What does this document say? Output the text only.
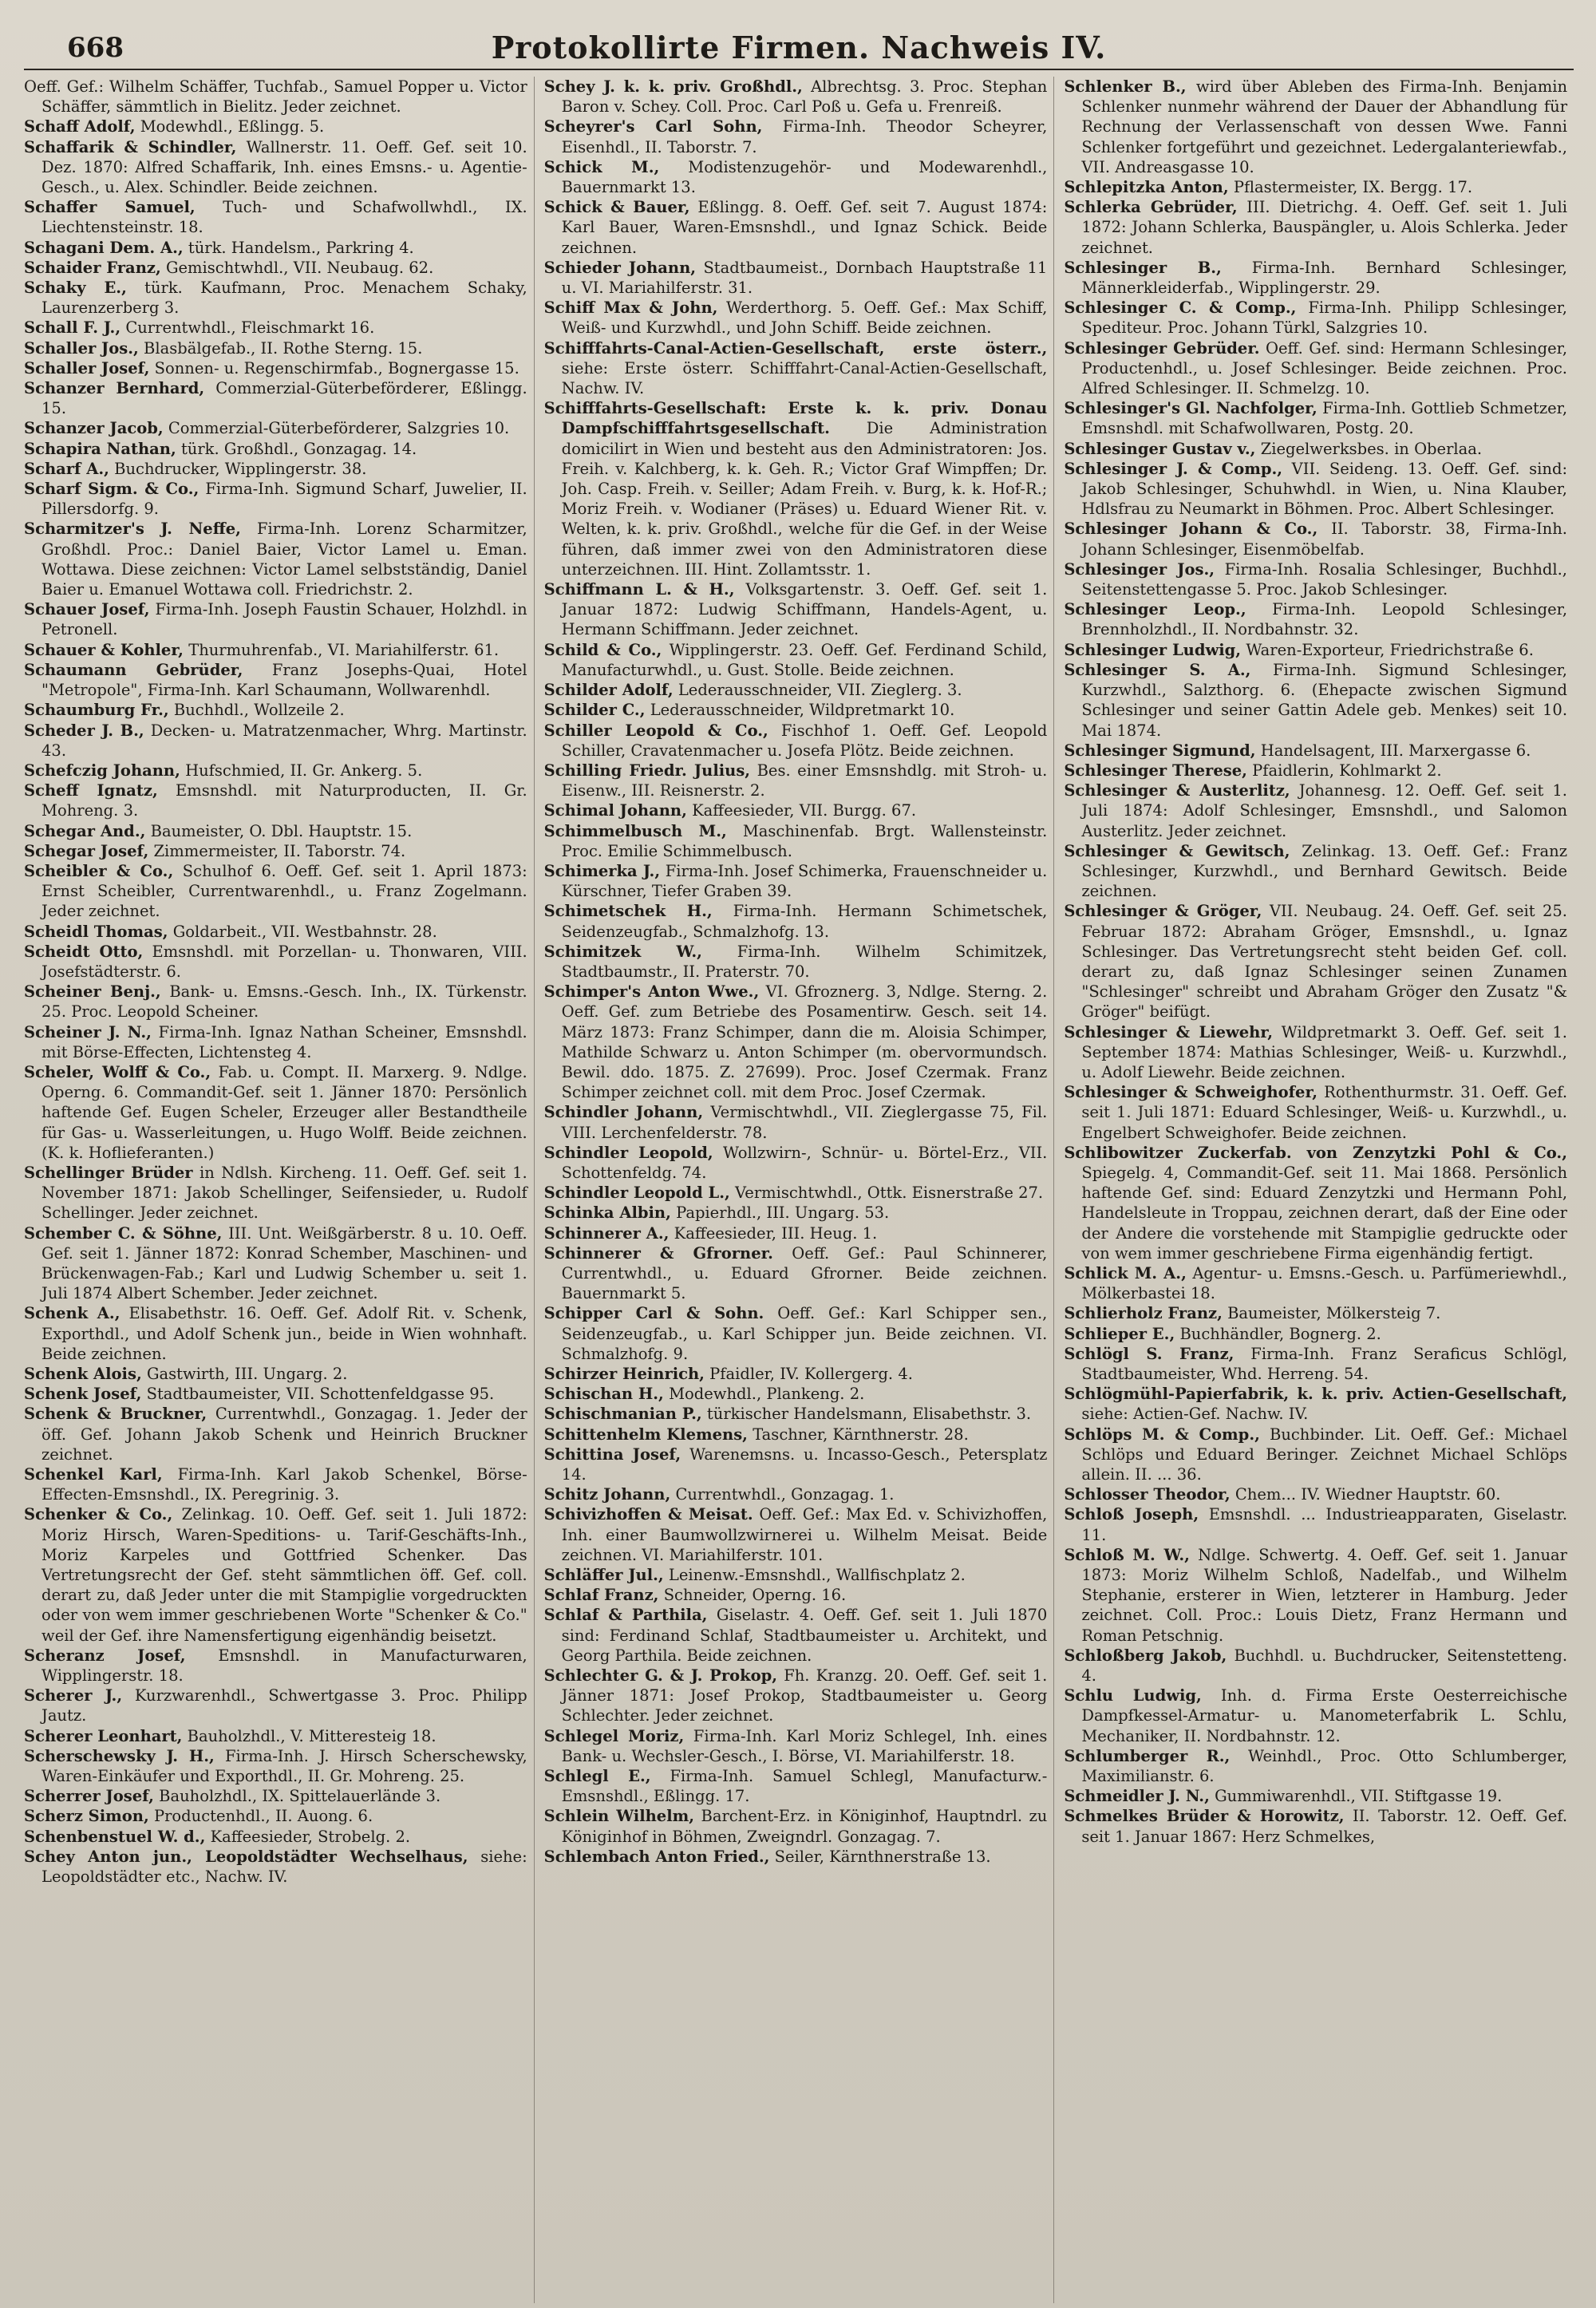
668	Protokollirte Firmen. Nachweis IV.
Oeff. Gef.: Wilhelm Schäffer, Tuchfab., Samuel Popper u. Victor Schäffer, sämmtlich in Bielitz. Jeder zeichnet.
Schaff Adolf, Modewhdl., Eßlingg. 5.
Schaffarik & Schindler, Wallnerstr. 11. Oeff. Gef. seit 10. Dez. 1870: Alfred Schaffarik, Inh. eines Emsns.- u. Agentie-Gesch., u. Alex. Schindler. Beide zeichnen.
Schaffer Samuel, Tuch- und Schafwollwhdl., IX. Liechtensteinstr. 18.
Schagani Dem. A., türk. Handelsm., Parkring 4.
Schaider Franz, Gemischtwhdl., VII. Neubaug. 62.
Schaky E., türk. Kaufmann, Proc. Menachem Schaky, Laurenzerberg 3.
Schall F. J., Currentwhdl., Fleischmarkt 16.
Schaller Jos., Blasbälgefab., II. Rothe Sterng. 15.
Schaller Josef, Sonnen- u. Regenschirmfab., Bognergasse 15.
Schanzer Bernhard, Commerzial-Güterbeförderer, Eßlingg. 15.
Schanzer Jacob, Commerzial-Güterbeförderer, Salzgries 10.
Schapira Nathan, türk. Großhdl., Gonzagag. 14.
Scharf A., Buchdrucker, Wipplingerstr. 38.
Scharf Sigm. & Co., Firma-Inh. Sigmund Scharf, Juwelier, II. Pillersdorfg. 9.
Scharmitzer's J. Neffe, Firma-Inh. Lorenz Scharmitzer, Großhdl. Proc.: Daniel Baier, Victor Lamel u. Eman. Wottawa. Diese zeichnen: Victor Lamel selbstständig, Daniel Baier u. Emanuel Wottawa coll. Friedrichstr. 2.
Schauer Josef, Firma-Inh. Joseph Faustin Schauer, Holzhdl. in Petronell.
Schauer & Kohler, Thurmuhrenfab., VI. Mariahilferstr. 61.
Schaumann Gebrüder, Franz Josephs-Quai, Hotel "Metropole", Firma-Inh. Karl Schaumann, Wollwarenhdl.
Schaumburg Fr., Buchhdl., Wollzeile 2.
Scheder J. B., Decken- u. Matratzenmacher, Whrg. Martinstr. 43.
Schefczig Johann, Hufschmied, II. Gr. Ankerg. 5.
Scheff Ignatz, Emsnshdl. mit Naturproducten, II. Gr. Mohreng. 3.
Schegar And., Baumeister, O. Dbl. Hauptstr. 15.
Schegar Josef, Zimmermeister, II. Taborstr. 74.
Scheibler & Co., Schulhof 6. Oeff. Gef. seit 1. April 1873: Ernst Scheibler, Currentwarenhdl., u. Franz Zogelmann. Jeder zeichnet.
Scheidl Thomas, Goldarbeit., VII. Westbahnstr. 28.
Scheidt Otto, Emsnshdl. mit Porzellan- u. Thonwaren, VIII. Josefstädterstr. 6.
Scheiner Benj., Bank- u. Emsns.-Gesch. Inh., IX. Türkenstr. 25. Proc. Leopold Scheiner.
Scheiner J. N., Firma-Inh. Ignaz Nathan Scheiner, Emsnshdl. mit Börse-Effecten, Lichtensteg 4.
Scheler, Wolff & Co., Fab. u. Compt. II. Marxerg. 9. Ndlge. Operng. 6. Commandit-Gef. seit 1. Jänner 1870: Persönlich haftende Gef. Eugen Scheler, Erzeuger aller Bestandtheile für Gas- u. Wasserleitungen, u. Hugo Wolff. Beide zeichnen. (K. k. Hoflieferanten.)
Schellinger Brüder in Ndlsh. Kircheng. 11. Oeff. Gef. seit 1. November 1871: Jakob Schellinger, Seifensieder, u. Rudolf Schellinger. Jeder zeichnet.
Schember C. & Söhne, III. Unt. Weißgärberstr. 8 u. 10. Oeff. Gef. seit 1. Jänner 1872: Konrad Schember, Maschinen- und Brückenwagen-Fab.; Karl und Ludwig Schember u. seit 1. Juli 1874 Albert Schember. Jeder zeichnet.
Schenk A., Elisabethstr. 16. Oeff. Gef. Adolf Rit. v. Schenk, Exporthdl., und Adolf Schenk jun., beide in Wien wohnhaft. Beide zeichnen.
Schenk Alois, Gastwirth, III. Ungarg. 2.
Schenk Josef, Stadtbaumeister, VII. Schottenfeldgasse 95.
Schenk & Bruckner, Currentwhdl., Gonzagag. 1. Jeder der öff. Gef. Johann Jakob Schenk und Heinrich Bruckner zeichnet.
Schenkel Karl, Firma-Inh. Karl Jakob Schenkel, Börse-Effecten-Emsnshdl., IX. Peregrinig. 3.
Schenker & Co., Zelinkag. 10. Oeff. Gef. seit 1. Juli 1872: Moriz Hirsch, Waren-Speditions- u. Tarif-Geschäfts-Inh., Moriz Karpeles und Gottfried Schenker. Das Vertretungsrecht der Gef. steht sämmtlichen öff. Gef. coll. derart zu, daß Jeder unter die mit Stampiglie vorgedruckten oder von wem immer geschriebenen Worte "Schenker & Co." weil der Gef. ihre Namensfertigung eigenhändig beisetzt.
Scheranz Josef, Emsnshdl. in Manufacturwaren, Wipplingerstr. 18.
Scherer J., Kurzwarenhdl., Schwertgasse 3. Proc. Philipp Jautz.
Scherer Leonhart, Bauholzhdl., V. Mitteresteig 18.
Scherschewsky J. H., Firma-Inh. J. Hirsch Scherschewsky, Waren-Einkäufer und Exporthdl., II. Gr. Mohreng. 25.
Scherrer Josef, Bauholzhdl., IX. Spittelauerlände 3.
Scherz Simon, Productenhdl., II. Auong. 6.
Schenbenstuel W. d., Kaffeesieder, Strobelg. 2.
Schey Anton jun., Leopoldstädter Wechselhaus, siehe: Leopoldstädter etc., Nachw. IV.
Schey J. k. k. priv. Großhdl., Albrechtsg. 3. Proc. Stephan Baron v. Schey. Coll. Proc. Carl Poß u. Gefa u. Frenreiß.
Scheyrer's Carl Sohn, Firma-Inh. Theodor Scheyrer, Eisenhdl., II. Taborstr. 7.
Schick M., Modistenzugehör- und Modewarenhdl., Bauernmarkt 13.
Schick & Bauer, Eßlingg. 8. Oeff. Gef. seit 7. August 1874: Karl Bauer, Waren-Emsnshdl., und Ignaz Schick. Beide zeichnen.
Schieder Johann, Stadtbaumeist., Dornbach Hauptstraße 11 u. VI. Mariahilferstr. 31.
Schiff Max & John, Werderthorg. 5. Oeff. Gef.: Max Schiff, Weiß- und Kurzwhdl., und John Schiff. Beide zeichnen.
Schifffahrts-Canal-Actien-Gesellschaft, erste österr., siehe: Erste österr. Schifffahrt-Canal-Actien-Gesellschaft, Nachw. IV.
Schifffahrts-Gesellschaft: Erste k. k. priv. Donau Dampfschifffahrtsgesellschaft. Die Administration domicilirt in Wien und besteht aus den Administratoren: Jos. Freih. v. Kalchberg, k. k. Geh. R.; Victor Graf Wimpffen; Dr. Joh. Casp. Freih. v. Seiller; Adam Freih. v. Burg, k. k. Hof-R.; Moriz Freih. v. Wodianer (Präses) u. Eduard Wiener Rit. v. Welten, k. k. priv. Großhdl., welche für die Gef. in der Weise führen, daß immer zwei von den Administratoren diese unterzeichnen. III. Hint. Zollamtsstr. 1.
Schiffmann L. & H., Volksgartenstr. 3. Oeff. Gef. seit 1. Januar 1872: Ludwig Schiffmann, Handels-Agent, u. Hermann Schiffmann. Jeder zeichnet.
Schild & Co., Wipplingerstr. 23. Oeff. Gef. Ferdinand Schild, Manufacturwhdl., u. Gust. Stolle. Beide zeichnen.
Schilder Adolf, Lederausschneider, VII. Zieglerg. 3.
Schilder C., Lederausschneider, Wildpretmarkt 10.
Schiller Leopold & Co., Fischhof 1. Oeff. Gef. Leopold Schiller, Cravatenmacher u. Josefa Plötz. Beide zeichnen.
Schilling Friedr. Julius, Bes. einer Emsnshdlg. mit Stroh- u. Eisenw., III. Reisnerstr. 2.
Schimal Johann, Kaffeesieder, VII. Burgg. 67.
Schimmelbusch M., Maschinenfab. Brgt. Wallensteinstr. Proc. Emilie Schimmelbusch.
Schimerka J., Firma-Inh. Josef Schimerka, Frauenschneider u. Kürschner, Tiefer Graben 39.
Schimetschek H., Firma-Inh. Hermann Schimetschek, Seidenzeugfab., Schmalzhofg. 13.
Schimitzek W., Firma-Inh. Wilhelm Schimitzek, Stadtbaumstr., II. Praterstr. 70.
Schimper's Anton Wwe., VI. Gfroznerg. 3, Ndlge. Sterng. 2. Oeff. Gef. zum Betriebe des Posamentirw. Gesch. seit 14. März 1873: Franz Schimper, dann die m. Aloisia Schimper, Mathilde Schwarz u. Anton Schimper (m. obervormundsch. Bewil. ddo. 1875. Z. 27699). Proc. Josef Czermak. Franz Schimper zeichnet coll. mit dem Proc. Josef Czermak.
Schindler Johann, Vermischtwhdl., VII. Zieglergasse 75, Fil. VIII. Lerchenfelderstr. 78.
Schindler Leopold, Wollzwirn-, Schnür- u. Börtel-Erz., VII. Schottenfeldg. 74.
Schindler Leopold L., Vermischtwhdl., Ottk. Eisnerstraße 27.
Schinka Albin, Papierhdl., III. Ungarg. 53.
Schinnerer A., Kaffeesieder, III. Heug. 1.
Schinnerer & Gfrorner. Oeff. Gef.: Paul Schinnerer, Currentwhdl., u. Eduard Gfrorner. Beide zeichnen. Bauernmarkt 5.
Schipper Carl & Sohn. Oeff. Gef.: Karl Schipper sen., Seidenzeugfab., u. Karl Schipper jun. Beide zeichnen. VI. Schmalzhofg. 9.
Schirzer Heinrich, Pfaidler, IV. Kollergerg. 4.
Schischan H., Modewhdl., Plankeng. 2.
Schischmanian P., türkischer Handelsmann, Elisabethstr. 3.
Schittenhelm Klemens, Taschner, Kärnthnerstr. 28.
Schittina Josef, Warenemsns. u. Incasso-Gesch., Petersplatz 14.
Schitz Johann, Currentwhdl., Gonzagag. 1.
Schivizhoffen & Meisat. Oeff. Gef.: Max Ed. v. Schivizhoffen, Inh. einer Baumwollzwirnerei u. Wilhelm Meisat. Beide zeichnen. VI. Mariahilferstr. 101.
Schläffer Jul., Leinenw.-Emsnshdl., Wallfischplatz 2.
Schlaf Franz, Schneider, Operng. 16.
Schlaf & Parthila, Giselastr. 4. Oeff. Gef. seit 1. Juli 1870 sind: Ferdinand Schlaf, Stadtbaumeister u. Architekt, und Georg Parthila. Beide zeichnen.
Schlechter G. & J. Prokop, Fh. Kranzg. 20. Oeff. Gef. seit 1. Jänner 1871: Josef Prokop, Stadtbaumeister u. Georg Schlechter. Jeder zeichnet.
Schlegel Moriz, Firma-Inh. Karl Moriz Schlegel, Inh. eines Bank- u. Wechsler-Gesch., I. Börse, VI. Mariahilferstr. 18.
Schlegl E., Firma-Inh. Samuel Schlegl, Manufacturw.-Emsnshdl., Eßlingg. 17.
Schlein Wilhelm, Barchent-Erz. in Königinhof, Hauptndrl. zu Königinhof in Böhmen, Zweigndrl. Gonzagag. 7.
Schlembach Anton Fried., Seiler, Kärnthnerstraße 13.
Schlenker B., wird über Ableben des Firma-Inh. Benjamin Schlenker nunmehr während der Dauer der Abhandlung für Rechnung der Verlassenschaft von dessen Wwe. Fanni Schlenker fortgeführt und gezeichnet. Ledergalanteriewfab., VII. Andreasgasse 10.
Schlepitzka Anton, Pflastermeister, IX. Bergg. 17.
Schlerka Gebrüder, III. Dietrichg. 4. Oeff. Gef. seit 1. Juli 1872: Johann Schlerka, Bauspängler, u. Alois Schlerka. Jeder zeichnet.
Schlesinger B., Firma-Inh. Bernhard Schlesinger, Männerkleiderfab., Wipplingerstr. 29.
Schlesinger C. & Comp., Firma-Inh. Philipp Schlesinger, Spediteur. Proc. Johann Türkl, Salzgries 10.
Schlesinger Gebrüder. Oeff. Gef. sind: Hermann Schlesinger, Productenhdl., u. Josef Schlesinger. Beide zeichnen. Proc. Alfred Schlesinger. II. Schmelzg. 10.
Schlesinger's Gl. Nachfolger, Firma-Inh. Gottlieb Schmetzer, Emsnshdl. mit Schafwollwaren, Postg. 20.
Schlesinger Gustav v., Ziegelwerksbes. in Oberlaa.
Schlesinger J. & Comp., VII. Seideng. 13. Oeff. Gef. sind: Jakob Schlesinger, Schuhwhdl. in Wien, u. Nina Klauber, Hdlsfrau zu Neumarkt in Böhmen. Proc. Albert Schlesinger.
Schlesinger Johann & Co., II. Taborstr. 38, Firma-Inh. Johann Schlesinger, Eisenmöbelfab.
Schlesinger Jos., Firma-Inh. Rosalia Schlesinger, Buchhdl., Seitenstettengasse 5. Proc. Jakob Schlesinger.
Schlesinger Leop., Firma-Inh. Leopold Schlesinger, Brennholzhdl., II. Nordbahnstr. 32.
Schlesinger Ludwig, Waren-Exporteur, Friedrichstraße 6.
Schlesinger S. A., Firma-Inh. Sigmund Schlesinger, Kurzwhdl., Salzthorg. 6. (Ehepacte zwischen Sigmund Schlesinger und seiner Gattin Adele geb. Menkes) seit 10. Mai 1874.
Schlesinger Sigmund, Handelsagent, III. Marxergasse 6.
Schlesinger Therese, Pfaidlerin, Kohlmarkt 2.
Schlesinger & Austerlitz, Johannesg. 12. Oeff. Gef. seit 1. Juli 1874: Adolf Schlesinger, Emsnshdl., und Salomon Austerlitz. Jeder zeichnet.
Schlesinger & Gewitsch, Zelinkag. 13. Oeff. Gef.: Franz Schlesinger, Kurzwhdl., und Bernhard Gewitsch. Beide zeichnen.
Schlesinger & Gröger, VII. Neubaug. 24. Oeff. Gef. seit 25. Februar 1872: Abraham Gröger, Emsnshdl., u. Ignaz Schlesinger. Das Vertretungsrecht steht beiden Gef. coll. derart zu, daß Ignaz Schlesinger seinen Zunamen "Schlesinger" schreibt und Abraham Gröger den Zusatz "& Gröger" beifügt.
Schlesinger & Liewehr, Wildpretmarkt 3. Oeff. Gef. seit 1. September 1874: Mathias Schlesinger, Weiß- u. Kurzwhdl., u. Adolf Liewehr. Beide zeichnen.
Schlesinger & Schweighofer, Rothenthurmstr. 31. Oeff. Gef. seit 1. Juli 1871: Eduard Schlesinger, Weiß- u. Kurzwhdl., u. Engelbert Schweighofer. Beide zeichnen.
Schlibowitzer Zuckerfab. von Zenzytzki Pohl & Co., Spiegelg. 4, Commandit-Gef. seit 11. Mai 1868. Persönlich haftende Gef. sind: Eduard Zenzytzki und Hermann Pohl, Handelsleute in Troppau, zeichnen derart, daß der Eine oder der Andere die vorstehende mit Stampiglie gedruckte oder von wem immer geschriebene Firma eigenhändig fertigt.
Schlick M. A., Agentur- u. Emsns.-Gesch. u. Parfümeriewhdl., Mölkerbastei 18.
Schlierholz Franz, Baumeister, Mölkersteig 7.
Schlieper E., Buchhändler, Bognerg. 2.
Schlögl S. Franz, Firma-Inh. Franz Seraficus Schlögl, Stadtbaumeister, Whd. Herreng. 54.
Schlögmühl-Papierfabrik, k. k. priv. Actien-Gesellschaft, siehe: Actien-Gef. Nachw. IV.
Schlöps M. & Comp., Buchbinder. Lit. Oeff. Gef.: Michael Schlöps und Eduard Beringer. Zeichnet Michael Schlöps allein. II. ... 36.
Schlosser Theodor, Chem... IV. Wiedner Hauptstr. 60.
Schloß Joseph, Emsnshdl. ... Industrieapparaten, Giselastr. 11.
Schloß M. W., Ndlge. Schwertg. 4. Oeff. Gef. seit 1. Januar 1873: Moriz Wilhelm Schloß, Nadelfab., und Wilhelm Stephanie, ersterer in Wien, letzterer in Hamburg. Jeder zeichnet. Coll. Proc.: Louis Dietz, Franz Hermann und Roman Petschnig.
Schloßberg Jakob, Buchhdl. u. Buchdrucker, Seitenstetteng. 4.
Schlu Ludwig, Inh. d. Firma Erste Oesterreichische Dampfkessel-Armatur- u. Manometerfabrik L. Schlu, Mechaniker, II. Nordbahnstr. 12.
Schlumberger R., Weinhdl., Proc. Otto Schlumberger, Maximilianstr. 6.
Schmeidler J. N., Gummiwarenhdl., VII. Stiftgasse 19.
Schmelkes Brüder & Horowitz, II. Taborstr. 12. Oeff. Gef. seit 1. Januar 1867: Herz Schmelkes,
